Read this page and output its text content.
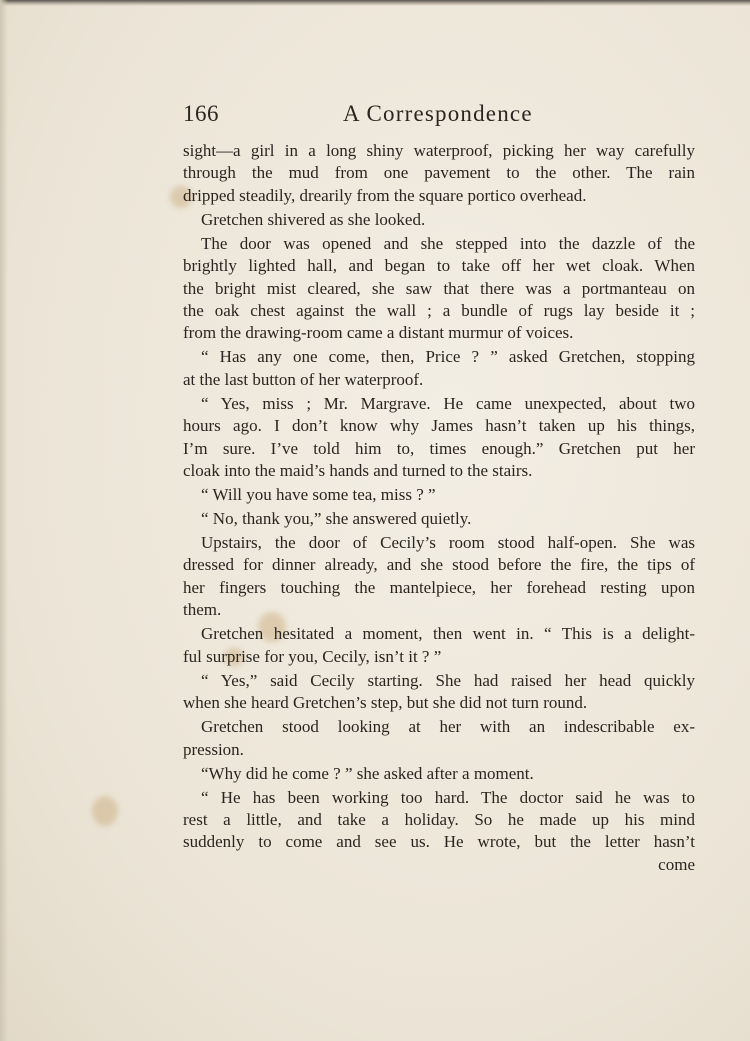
166	A Correspondence

sight—a girl in a long shiny waterproof, picking her way carefully
through the mud from one pavement to the other. The rain
dripped steadily, drearily from the square portico overhead.

Gretchen shivered as she looked.

The door was opened and she stepped into the dazzle of the
brightly lighted hall, and began to take off her wet cloak. When
the bright mist cleared, she saw that there was a portmanteau on
the oak chest against the wall ; a bundle of rugs lay beside it ;
from the drawing-room came a distant murmur of voices.

“ Has any one come, then, Price ? ” asked Gretchen, stopping
at the last button of her waterproof.

“ Yes, miss ; Mr. Margrave. He came unexpected, about two
hours ago. I don’t know why James hasn’t taken up his things,
I’m sure. I’ve told him to, times enough.” Gretchen put her
cloak into the maid’s hands and turned to the stairs.

“ Will you have some tea, miss ? ”

“ No, thank you,” she answered quietly.

Upstairs, the door of Cecily’s room stood half-open. She was
dressed for dinner already, and she stood before the fire, the tips of
her fingers touching the mantelpiece, her forehead resting upon
them.

Gretchen hesitated a moment, then went in. “ This is a delight-
ful surprise for you, Cecily, isn’t it ? ”

“ Yes,” said Cecily starting. She had raised her head quickly
when she heard Gretchen’s step, but she did not turn round.

Gretchen stood looking at her with an indescribable ex-
pression.

“Why did he come ? ” she asked after a moment.

“ He has been working too hard. The doctor said he was to
rest a little, and take a holiday. So he made up his mind
suddenly to come and see us. He wrote, but the letter hasn’t

come
